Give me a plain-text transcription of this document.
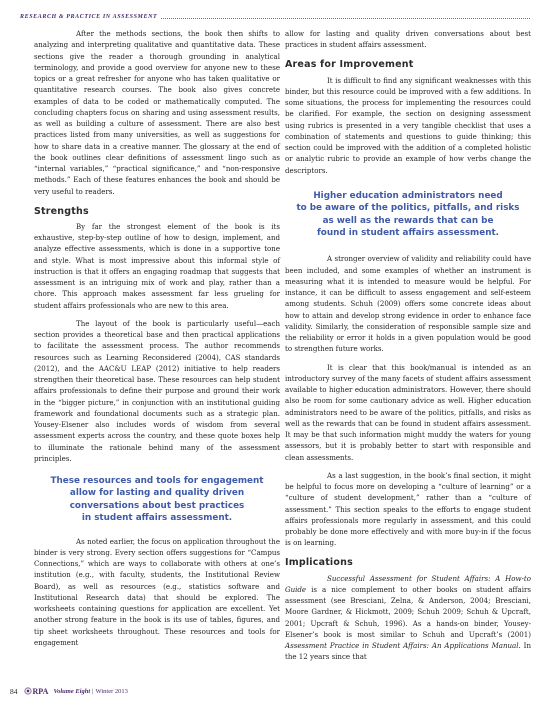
RESEARCH & PRACTICE IN ASSESSMENT

After the methods sections, the book then shifts to analyzing and interpreting qualitative and quantitative data. These sections give the reader a thorough grounding in analytical terminology, and provide a good overview for anyone new to these topics or a great refresher for anyone who has taken qualitative or quantitative research courses. The book also gives concrete examples of data to be coded or mathematically computed. The concluding chapters focus on sharing and using assessment results, as well as building a culture of assessment. There are also best practices listed from many universities, as well as suggestions for how to share data in a creative manner. The glossary at the end of the book outlines clear definitions of assessment lingo such as “internal variables,” “practical significance,” and “non-responsive methods.” Each of these features enhances the book and should be very useful to readers.

Strengths

By far the strongest element of the book is its exhaustive, step-by-step outline of how to design, implement, and analyze effective assessments, which is done in a supportive tone and style. What is most impressive about this informal style of instruction is that it offers an engaging roadmap that suggests that assessment is an intriguing mix of work and play, rather than a chore. This approach makes assessment far less grueling for student affairs professionals who are new to this area.

The layout of the book is particularly useful—each section provides a theoretical base and then practical applications to facilitate the assessment process. The author recommends resources such as Learning Reconsidered (2004), CAS standards (2012), and the AAC&U LEAP (2012) initiative to help readers strengthen their theoretical base. These resources can help student affairs professionals to define their purpose and ground their work in the “bigger picture,” in conjunction with an institutional guiding framework and foundational documents such as a strategic plan. Yousey-Elsener also includes words of wisdom from several assessment experts across the country, and these quote boxes help to illuminate the rationale behind many of the assessment principles.

These resources and tools for engagement

allow for lasting and quality driven

conversations about best practices

in student affairs assessment.

As noted earlier, the focus on application throughout the binder is very strong. Every section offers suggestions for “Campus Connections,” which are ways to collaborate with others at one’s institution (e.g., with faculty, students, the Institutional Review Board), as well as resources (e.g., statistics software and Institutional Research data) that should be explored. The worksheets containing questions for application are excellent. Yet another strong feature in the book is its use of tables, figures, and tip sheet worksheets throughout. These resources and tools for engagement

allow for lasting and quality driven conversations about best practices in student affairs assessment.

Areas for Improvement

It is difficult to find any significant weaknesses with this binder, but this resource could be improved with a few additions. In some situations, the process for implementing the resources could be clarified. For example, the section on designing assessment using rubrics is presented in a very tangible checklist that uses a combination of statements and questions to guide thinking; this section could be improved with the addition of a completed holistic or analytic rubric to provide an example of how verbs change the descriptors.

Higher education administrators need

to be aware of the politics, pitfalls, and risks

as well as the rewards that can be

found in student affairs assessment.

A stronger overview of validity and reliability could have been included, and some examples of whether an instrument is measuring what it is intended to measure would be helpful. For instance, it can be difficult to assess engagement and self-esteem among students. Schuh (2009) offers some concrete ideas about how to attain and develop strong evidence in order to enhance face validity. Similarly, the consideration of responsible sample size and the reliability or error it holds in a given population would be good to strengthen future works.

It is clear that this book/manual is intended as an introductory survey of the many facets of student affairs assessment available to higher education administrators. However, there should also be room for some cautionary advice as well. Higher education administrators need to be aware of the politics, pitfalls, and risks as well as the rewards that can be found in student affairs assessment. It may be that such information might muddy the waters for young assessors, but it is probably better to start with responsible and clean assessments.

As a last suggestion, in the book’s final section, it might be helpful to focus more on developing a “culture of learning” or a “culture of student development,” rather than a “culture of assessment.” This section speaks to the efforts to engage student affairs professionals more regularly in assessment, and this could probably be done more effectively and with more buy-in if the focus is on learning.

Implications

Successful Assessment for Student Affairs: A How-to Guide is a nice complement to other books on student affairs assessment (see Bresciani, Zelna, & Anderson, 2004; Bresciani, Moore Gardner, & Hickmott, 2009; Schuh 2009; Schuh & Upcraft, 2001; Upcraft & Schuh, 1996). As a hands-on binder, Yousey-Elsener’s book is most similar to Schuh and Upcraft’s (2001) Assessment Practice in Student Affairs: An Applications Manual. In the 12 years since that

84 RPA Volume Eight | Winter 2013
